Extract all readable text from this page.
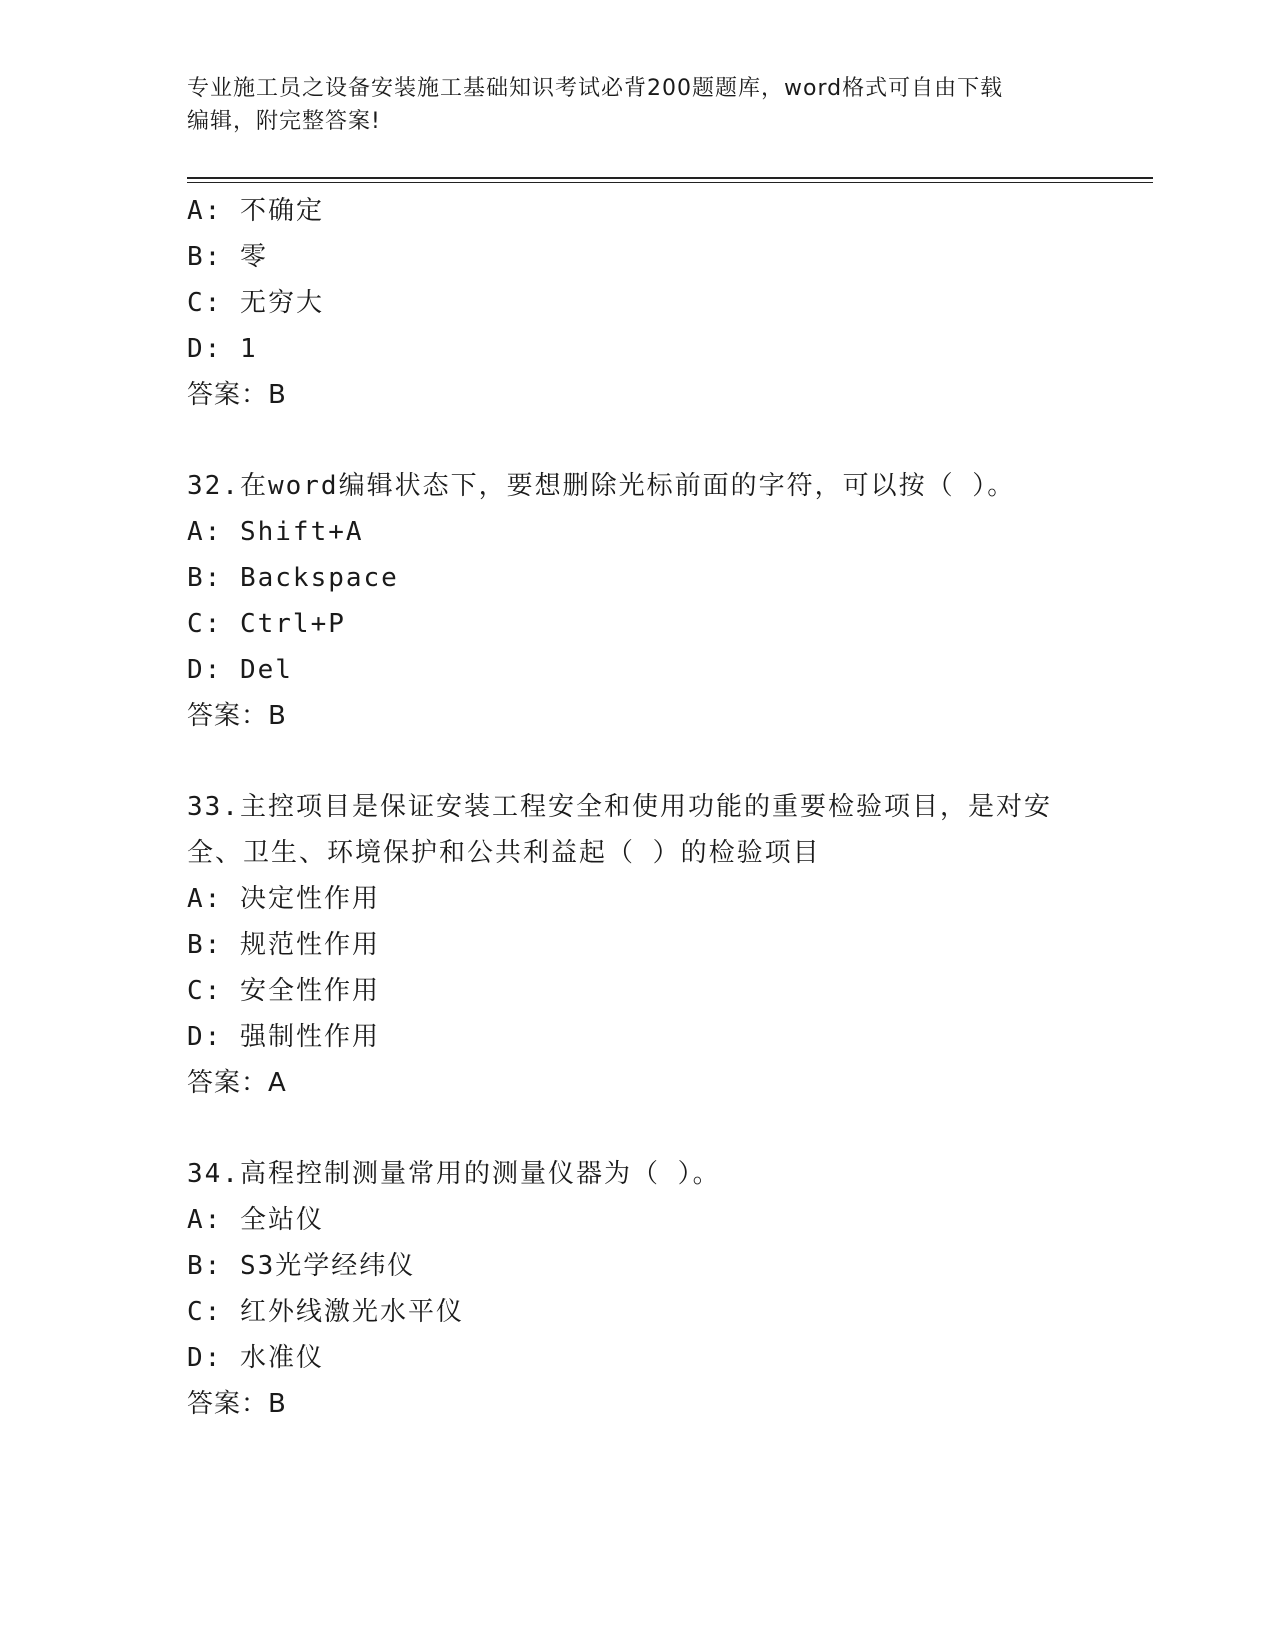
专业施工员之设备安装施工基础知识考试必背200题题库，word格式可自由下载
编辑，附完整答案!
A: 不确定
B: 零
C: 无穷大
D: 1
答案：B
32.在word编辑状态下，要想删除光标前面的字符，可以按（ ）。
A: Shift+A
B: Backspace
C: Ctrl+P
D: Del
答案：B
33.主控项目是保证安装工程安全和使用功能的重要检验项目，是对安
全、卫生、环境保护和公共利益起（ ）的检验项目
A: 决定性作用
B: 规范性作用
C: 安全性作用
D: 强制性作用
答案：A
34.高程控制测量常用的测量仪器为（ ）。
A: 全站仪
B: S3光学经纬仪
C: 红外线激光水平仪
D: 水准仪
答案：B
